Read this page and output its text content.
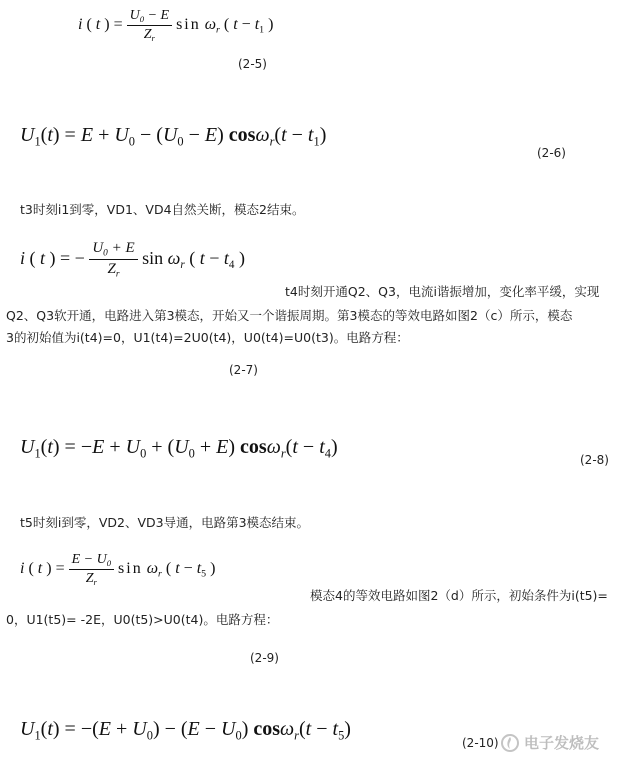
i ( t ) = $\frac{U_0 - E}{Z_r}$ $\sin \omega_r$ ( $t - t_1$ )
(2-5)
$U_1(t) = E + U_0 - (U_0 - E) \cos\omega_r(t - t_1)$
(2-6)
t3时刻i1到零，VD1、VD4自然关断，模态2结束。
i ( t ) = − $\frac{U_0 + E}{Z_r}$ $\sin \omega_r$ ( $t - t_4$ )
t4时刻开通Q2、Q3，电流i谐振增加，变化率平缓，实现
Q2、Q3软开通，电路进入第3模态，开始又一个谐振周期。第3模态的等效电路如图2（c）所示，模态
3的初始值为i(t4)=0，U1(t4)=2U0(t4)，U0(t4)=U0(t3)。电路方程：
(2-7)
$U_1(t) = -E + U_0 + (U_0 + E) \cos\omega_r(t - t_4)$
(2-8)
t5时刻i到零，VD2、VD3导通，电路第3模态结束。
i ( t ) = $\frac{E - U_0}{Z_r}$ $\sin \omega_r$ ( $t - t_5$ )
模态4的等效电路如图2（d）所示，初始条件为i(t5)=
0，U1(t5)= -2E，U0(t5)>U0(t4)。电路方程：
(2-9)
$U_1(t) = -(E + U_0) - (E - U_0) \cos\omega_r(t - t_5)$
(2-10) 电子发烧友
